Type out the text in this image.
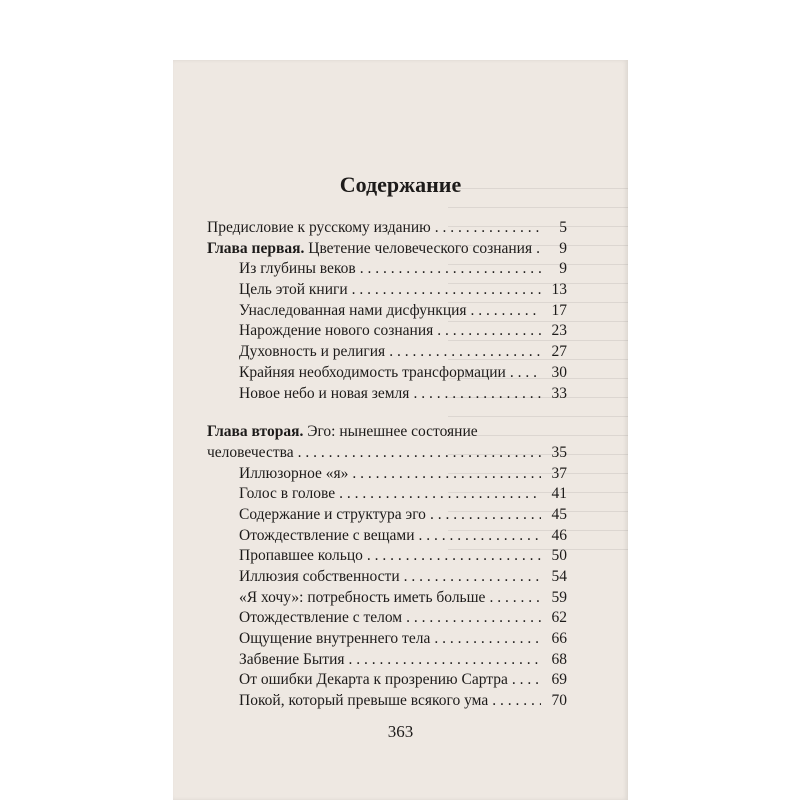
Содержание
Предисловие к русскому изданию . . .	5
Глава первая. Цветение человеческого сознания . . .	9
Из глубины веков . . .	9
Цель этой книги . . .	13
Унаследованная нами дисфункция . . .	17
Нарождение нового сознания . . .	23
Духовность и религия . . .	27
Крайняя необходимость трансформации . . .	30
Новое небо и новая земля . . .	33
Глава вторая. Эго: нынешнее состояние
человечества . . .	35
Иллюзорное «я» . . .	37
Голос в голове . . .	41
Содержание и структура эго . . .	45
Отождествление с вещами . . .	46
Пропавшее кольцо . . .	50
Иллюзия собственности . . .	54
«Я хочу»: потребность иметь больше . . .	59
Отождествление с телом . . .	62
Ощущение внутреннего тела . . .	66
Забвение Бытия . . .	68
От ошибки Декарта к прозрению Сартра . . .	69
Покой, который превыше всякого ума . . .	70
363
